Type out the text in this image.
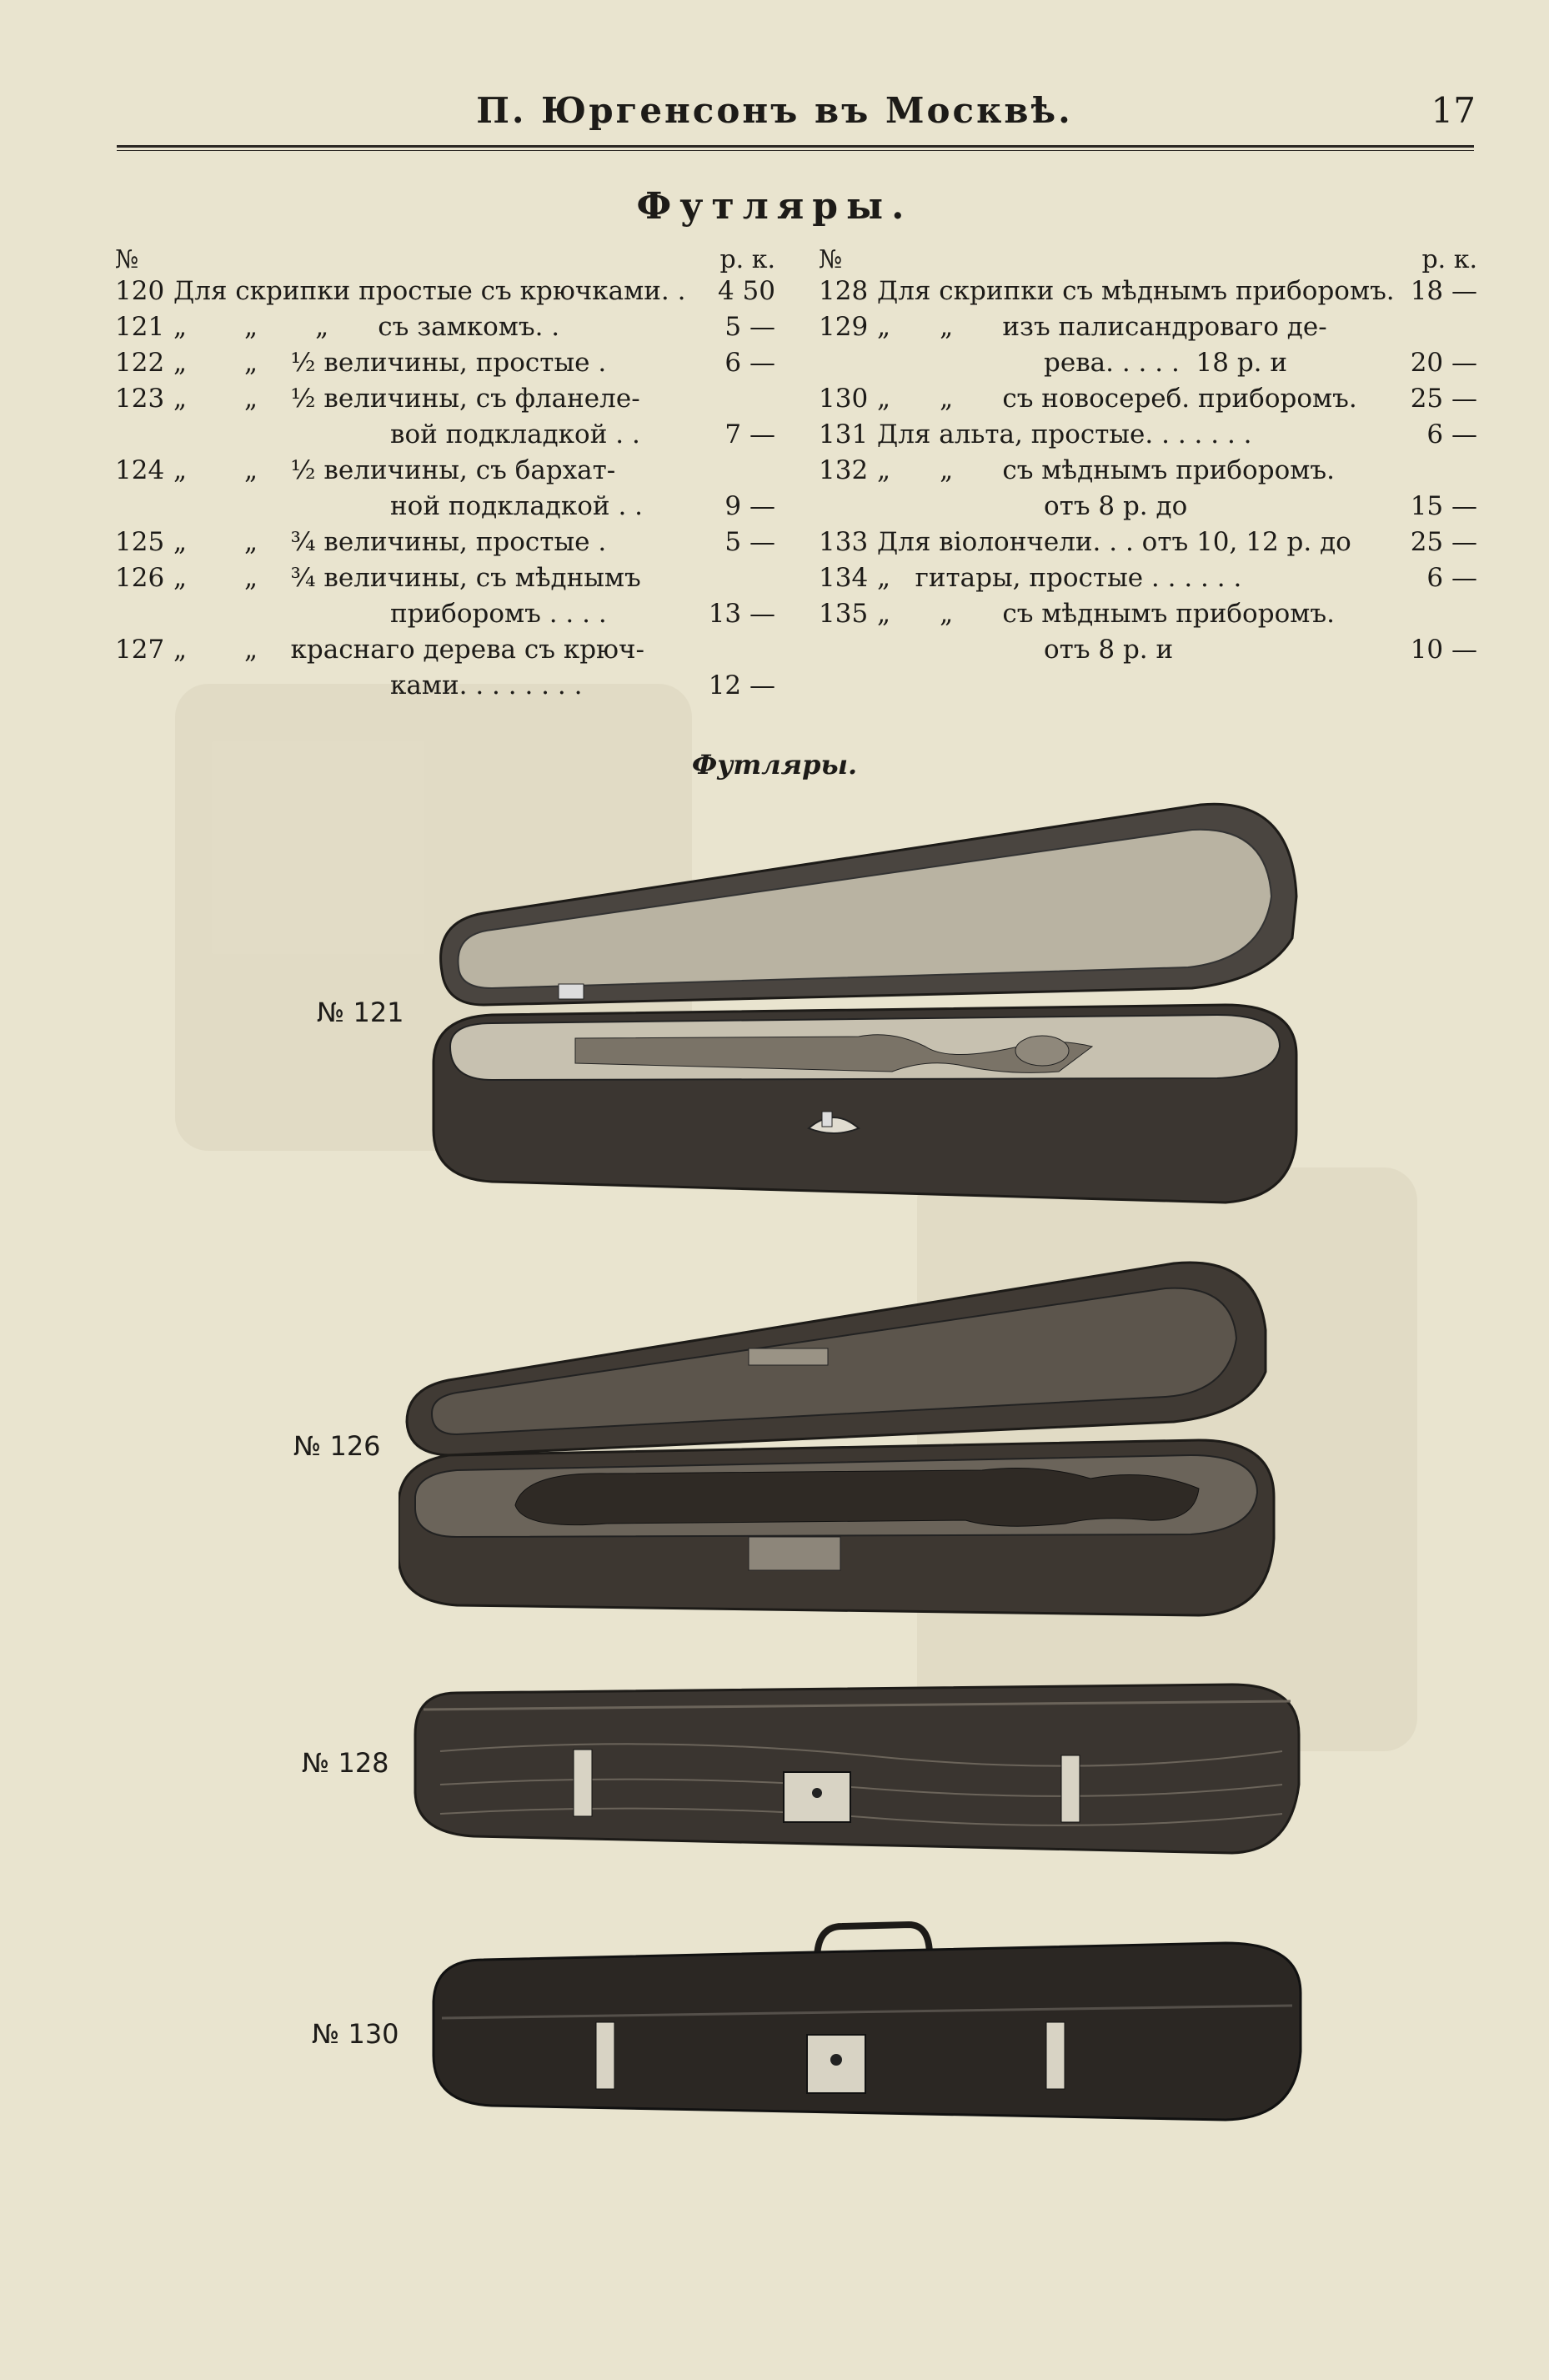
П. Юргенсонъ въ Москвѣ.	17
Футляры.
№	р. к.
120 Для скрипки простые съ крючками. .	4 50
121 „       „       „      съ замкомъ. .	5 —
122 „       „    ½ величины, простые .	6 —
123 „       „    ½ величины, съ фланеле-
вой подкладкой . .	7 —
124 „       „    ½ величины, съ бархат-
ной подкладкой . .	9 —
125 „       „    ¾ величины, простые .	5 —
126 „       „    ¾ величины, съ мѣднымъ
приборомъ . . . .	13 —
127 „       „    краснаго дерева съ крюч-
ками. . . . . . . .	12 —
№	р. к.
128 Для скрипки съ мѣднымъ приборомъ. 18 —
129 „      „      изъ палисандроваго де-
рева. . . . .  18 р. и	20 —
130 „      „      съ новосереб. приборомъ.	25 —
131 Для альта, простые. . . . . . .	6 —
132 „      „      съ мѣднымъ приборомъ.
отъ 8 р. до	15 —
133 Для віолончели. . . отъ 10, 12 р. до	25 —
134 „   гитары, простые . . . . . .	6 —
135 „      „      съ мѣднымъ приборомъ.
отъ 8 р. и	10 —
Футляры.
№ 121
№ 126
№ 128
№ 130
